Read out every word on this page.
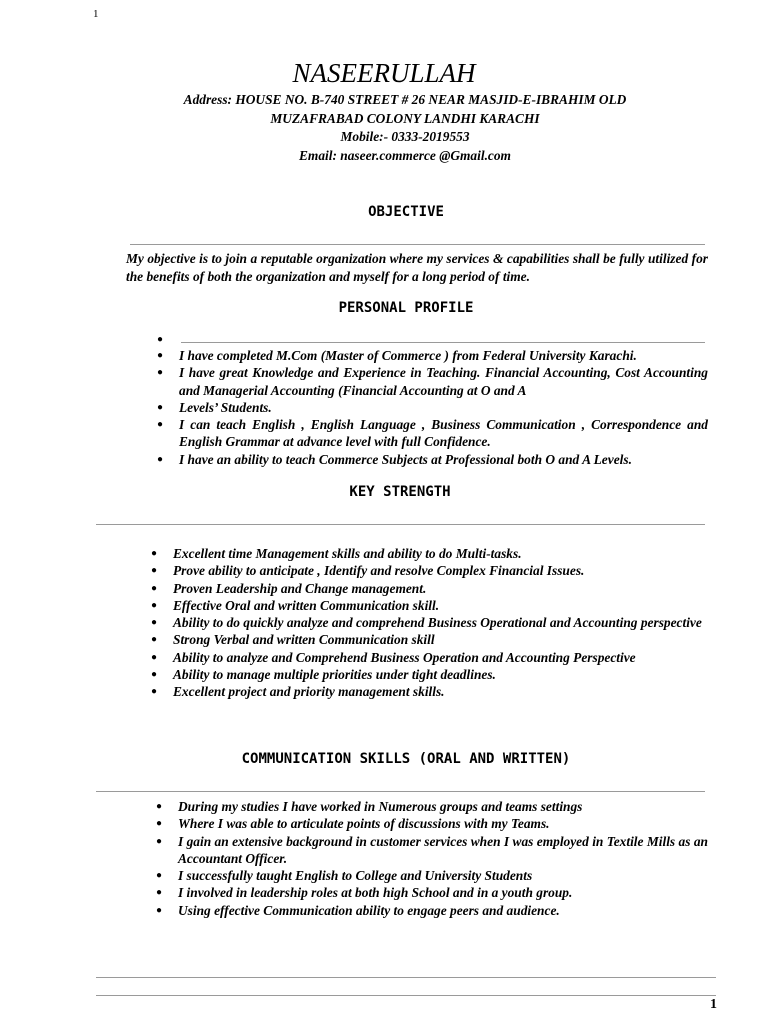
1
NASEERULLAH
Address: HOUSE NO. B-740 STREET # 26 NEAR MASJID-E-IBRAHIM OLD
MUZAFRABAD COLONY LANDHI KARACHI
Mobile:- 0333-2019553
Email: naseer.commerce @Gmail.com
OBJECTIVE
My objective is to join a reputable organization where my services & capabilities shall be fully utilized for the benefits of both the organization and myself for a long period of time.
PERSONAL PROFILE
●
● I have completed M.Com (Master of Commerce ) from Federal University Karachi.
● I have great Knowledge and Experience in Teaching. Financial Accounting, Cost Accounting and Managerial Accounting (Financial Accounting at O and A
● Levels’ Students.
● I can teach English , English Language , Business Communication , Correspondence and English Grammar at advance level with full Confidence.
● I have an ability to teach Commerce Subjects at Professional both O and A Levels.
KEY STRENGTH
● Excellent time Management skills and ability to do Multi-tasks.
● Prove ability to anticipate , Identify and resolve Complex Financial Issues.
● Proven Leadership and Change management.
● Effective Oral and written Communication skill.
● Ability to do quickly analyze and comprehend Business Operational and Accounting perspective
● Strong Verbal and written Communication skill
● Ability to analyze and Comprehend Business Operation and Accounting Perspective
● Ability to manage multiple priorities under tight deadlines.
● Excellent project and priority management skills.
COMMUNICATION SKILLS (ORAL AND WRITTEN)
● During my studies I have worked in Numerous groups and teams settings
● Where I was able to articulate points of discussions with my Teams.
● I gain an extensive background in customer services when I was employed in Textile Mills as an Accountant Officer.
● I successfully taught English to College and University Students
● I involved in leadership roles at both high School and in a youth group.
● Using effective Communication ability to engage peers and audience.
1
